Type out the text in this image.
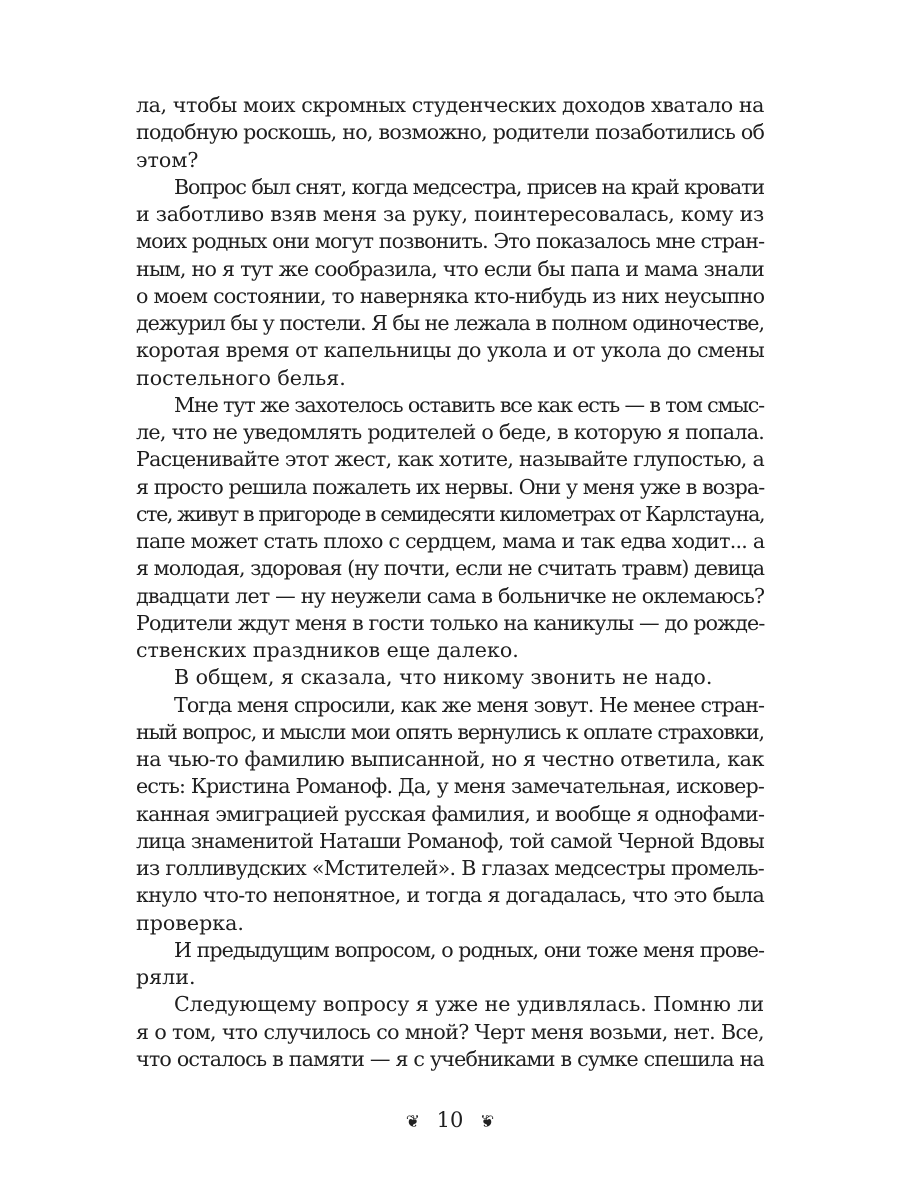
ла, чтобы моих скромных студенческих доходов хватало на
подобную роскошь, но, возможно, родители позаботились об
этом?
Вопрос был снят, когда медсестра, присев на край кровати
и заботливо взяв меня за руку, поинтересовалась, кому из
моих родных они могут позвонить. Это показалось мне стран-
ным, но я тут же сообразила, что если бы папа и мама знали
о моем состоянии, то наверняка кто-нибудь из них неусыпно
дежурил бы у постели. Я бы не лежала в полном одиночестве,
коротая время от капельницы до укола и от укола до смены
постельного белья.
Мне тут же захотелось оставить все как есть — в том смыс-
ле, что не уведомлять родителей о беде, в которую я попала.
Расценивайте этот жест, как хотите, называйте глупостью, а
я просто решила пожалеть их нервы. Они у меня уже в возра-
сте, живут в пригороде в семидесяти километрах от Карлстауна,
папе может стать плохо с сердцем, мама и так едва ходит... а
я молодая, здоровая (ну почти, если не считать травм) девица
двадцати лет — ну неужели сама в больничке не оклемаюсь?
Родители ждут меня в гости только на каникулы — до рожде-
ственских праздников еще далеко.
В общем, я сказала, что никому звонить не надо.
Тогда меня спросили, как же меня зовут. Не менее стран-
ный вопрос, и мысли мои опять вернулись к оплате страховки,
на чью-то фамилию выписанной, но я честно ответила, как
есть: Кристина Романоф. Да, у меня замечательная, исковер-
канная эмиграцией русская фамилия, и вообще я однофами-
лица знаменитой Наташи Романоф, той самой Черной Вдовы
из голливудских «Мстителей». В глазах медсестры промель-
кнуло что-то непонятное, и тогда я догадалась, что это была
проверка.
И предыдущим вопросом, о родных, они тоже меня прове-
ряли.
Следующему вопросу я уже не удивлялась. Помню ли
я о том, что случилось со мной? Черт меня возьми, нет. Все,
что осталось в памяти — я с учебниками в сумке спешила на
❦ 10 ❦
